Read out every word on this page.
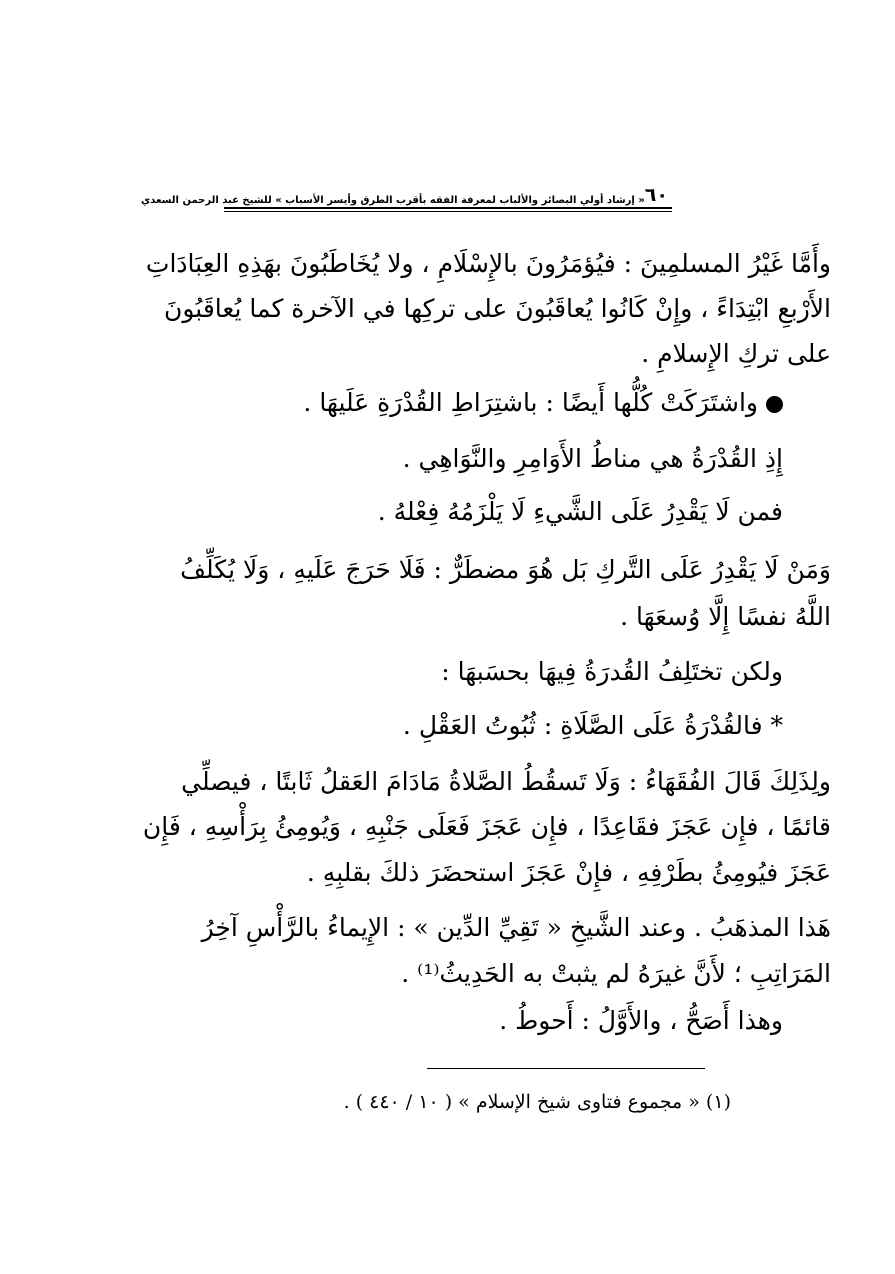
٦٠
« إرشاد أولي البصائر والألباب لمعرفة الفقه بأقرب الطرق وأيسر الأسباب » للشيخ عبد الرحمن السعدي
وأَمَّا غَيْرُ المسلمِينَ : فيُؤمَرُونَ بالإِسْلَامِ ، ولا يُخَاطَبُونَ بهَذِهِ العِبَادَاتِ
الأَرْبعِ ابْتِدَاءً ، وإِنْ كَانُوا يُعاقَبُونَ على تركِها في الآخرة كما يُعاقَبُونَ
على تركِ الإِسلامِ .
واشتَرَكَتْ كُلُّها أَيضًا : باشتِرَاطِ القُدْرَةِ عَلَيهَا .
إِذِ القُدْرَةُ هي مناطُ الأَوَامِرِ والنَّوَاهِي .
فمن لَا يَقْدِرُ عَلَى الشَّيءِ لَا يَلْزَمُهُ فِعْلهُ .
وَمَنْ لَا يَقْدِرُ عَلَى التَّركِ بَل هُوَ مضطَرٌّ : فَلَا حَرَجَ عَلَيهِ ، وَلَا يُكَلِّفُ
اللَّهُ نفسًا إِلَّا وُسعَهَا .
ولكن تختَلِفُ القُدرَةُ فِيهَا بحسَبهَا :
* فالقُدْرَةُ عَلَى الصَّلَاةِ : ثُبُوتُ العَقْلِ .
ولِذَلِكَ قَالَ الفُقَهَاءُ : وَلَا تَسقُطُ الصَّلاةُ مَادَامَ العَقلُ ثَابتًا ، فيصلِّي
قائمًا ، فإِن عَجَزَ فقَاعِدًا ، فإِن عَجَزَ فَعَلَى جَنْبِهِ ، وَيُومِئُ بِرَأْسِهِ ، فَإِن
عَجَزَ فيُومِئُ بطَرْفِهِ ، فإِنْ عَجَزَ استحضَرَ ذلكَ بقلبِهِ .
هَذا المذهَبُ . وعند الشَّيخِ « تَقِيِّ الدِّين » : الإِيماءُ بالرَّأْسِ آخِرُ
المَرَاتِبِ ؛ لأَنَّ غيرَهُ لم يثبتْ به الحَدِيثُ⁽¹⁾ .
وهذا أَصَحُّ ، والأَوَّلُ : أَحوطُ .
(١) « مجموع فتاوى شيخ الإسلام » ( ١٠ / ٤٤٠ ) .
